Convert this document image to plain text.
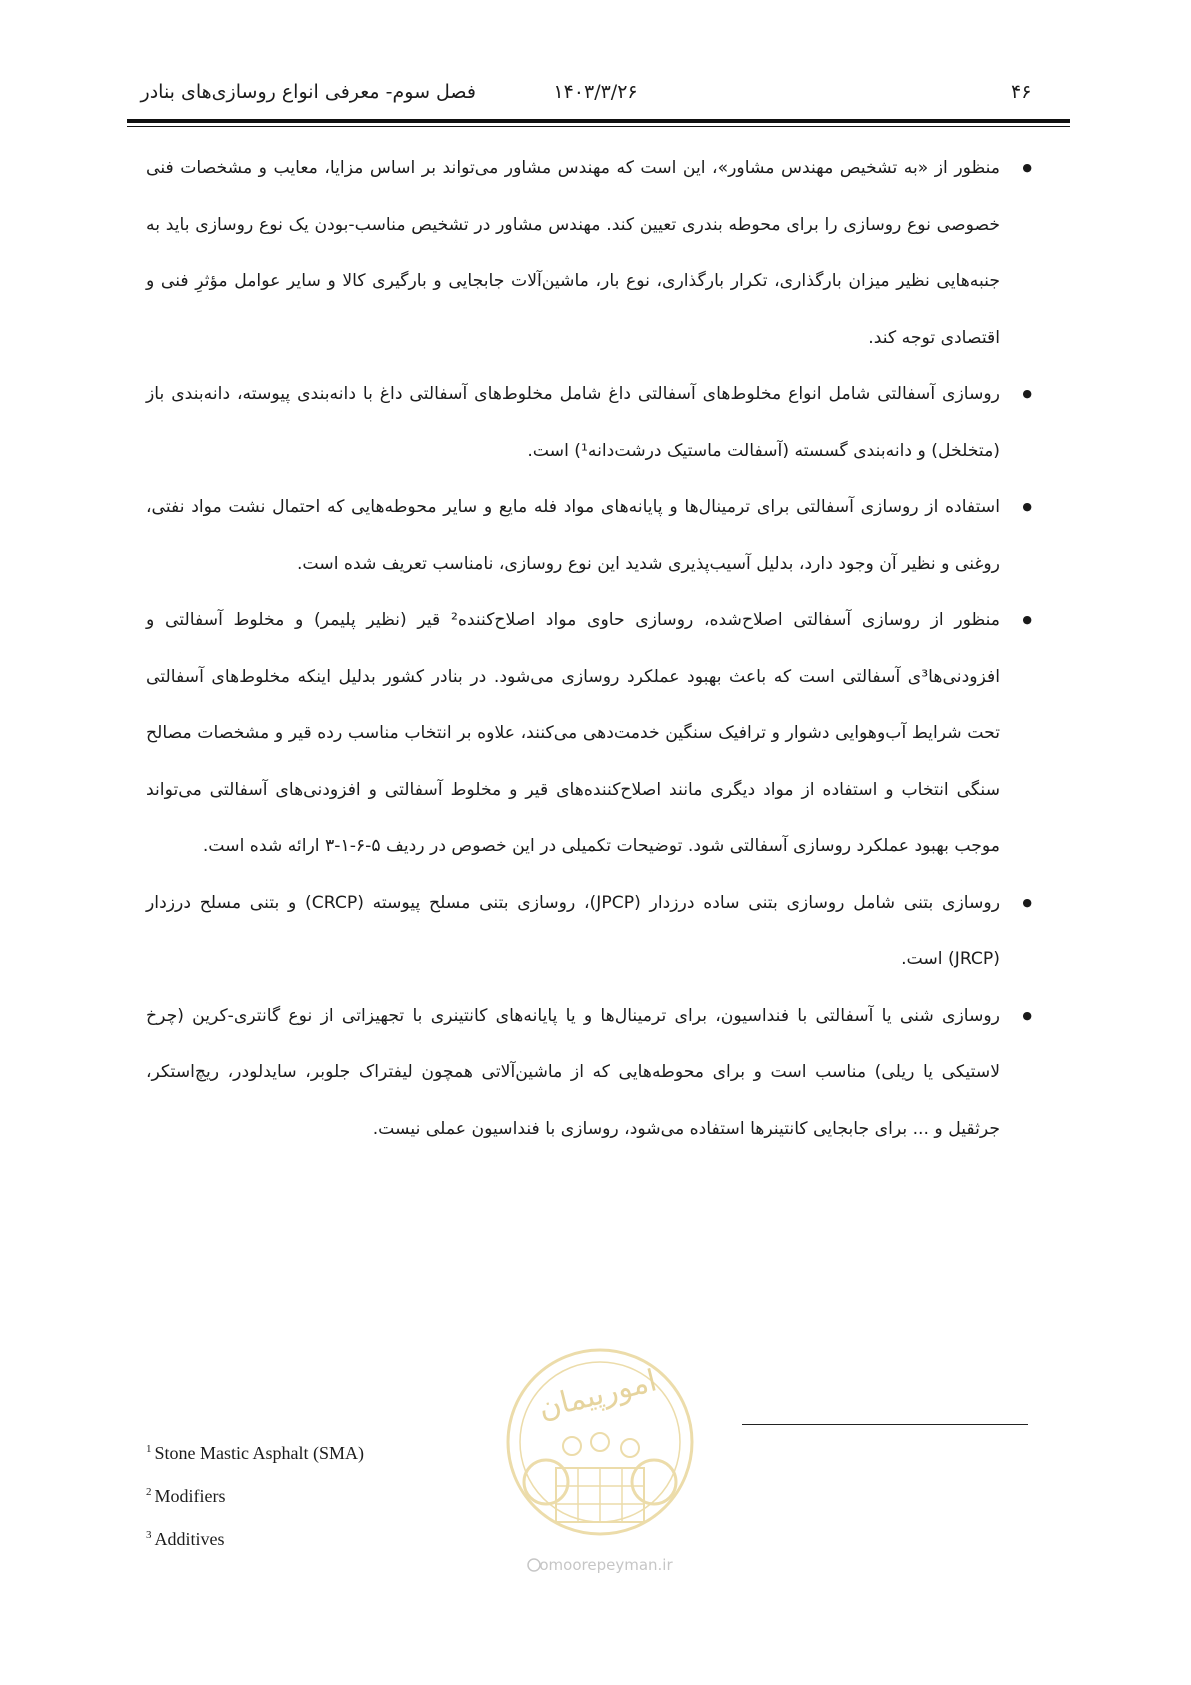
فصل سوم- معرفی انواع روسازی‌های بنادر	۱۴۰۳/۳/۲۶	۴۶
● منظور از «به تشخیص مهندس مشاور»، این است که مهندس مشاور می‌تواند بر اساس مزایا، معایب و مشخصات فنی خصوصی نوع روسازی را برای محوطه بندری تعیین کند. مهندس مشاور در تشخیص مناسب-بودن یک نوع روسازی باید به جنبه‌هایی نظیر میزان بارگذاری، تکرار بارگذاری، نوع بار، ماشین‌آلات جابجایی و بارگیری کالا و سایر عوامل مؤثرِ فنی و اقتصادی توجه کند.
● روسازی آسفالتی شامل انواع مخلوط‌های آسفالتی داغ شامل مخلوط‌های آسفالتی داغ با دانه‌بندی پیوسته، دانه‌بندی باز (متخلخل) و دانه‌بندی گسسته (آسفالت ماستیک درشت‌دانه¹) است.
● استفاده از روسازی آسفالتی برای ترمینال‌ها و پایانه‌های مواد فله مایع و سایر محوطه‌هایی که احتمال نشت مواد نفتی، روغنی و نظیر آن وجود دارد، بدلیل آسیب‌پذیری شدید این نوع روسازی، نامناسب تعریف شده است.
● منظور از روسازی آسفالتی اصلاح‌شده، روسازی حاوی مواد اصلاح‌کننده² قیر (نظیر پلیمر) و مخلوط آسفالتی و افزودنی‌ها³ی آسفالتی است که باعث بهبود عملکرد روسازی می‌شود. در بنادر کشور بدلیل اینکه مخلوط‌های آسفالتی تحت شرایط آب‌وهوایی دشوار و ترافیک سنگین خدمت‌دهی می‌کنند، علاوه بر انتخاب مناسب رده قیر و مشخصات مصالح سنگی انتخاب و استفاده از مواد دیگری مانند اصلاح‌کننده‌های قیر و مخلوط آسفالتی و افزودنی‌های آسفالتی می‌تواند موجب بهبود عملکرد روسازی آسفالتی شود. توضیحات تکمیلی در این خصوص در ردیف ۵-۶-۱-۳ ارائه شده است.
● روسازی بتنی شامل روسازی بتنی ساده درزدار (JPCP)، روسازی بتنی مسلح پیوسته (CRCP) و بتنی مسلح درزدار (JRCP) است.
● روسازی شنی یا آسفالتی با فنداسیون، برای ترمینال‌ها و یا پایانه‌های کانتینری با تجهیزاتی از نوع گانتری-کرین (چرخ لاستیکی یا ریلی) مناسب است و برای محوطه‌هایی که از ماشین‌آلاتی همچون لیفتراک جلوبر، سایدلودر، ریچ‌استکر، جرثقیل و ... برای جابجایی کانتینرها استفاده می‌شود، روسازی با فنداسیون عملی نیست.
امورپیمان
omoorepeyman.ir
$^1$ Stone Mastic Asphalt (SMA)
$^2$ Modifiers
$^3$ Additives
